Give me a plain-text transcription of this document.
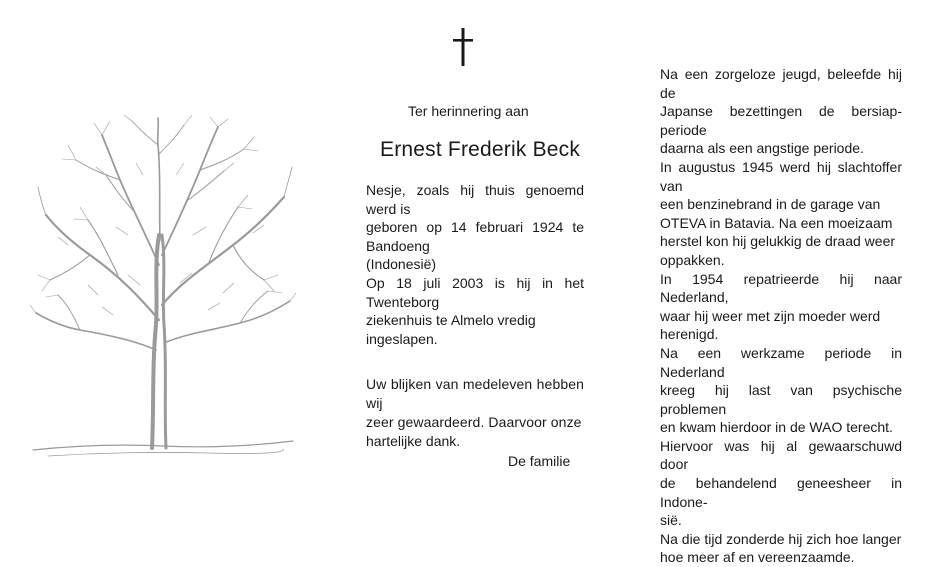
Ter herinnering aan
Ernest Frederik Beck

Nesje, zoals hij thuis genoemd werd is

geboren op 14 februari 1924 te Bandoeng

(Indonesië)

Op 18 juli 2003 is hij in het Twenteborg

ziekenhuis te Almelo vredig ingeslapen.

Uw blijken van medeleven hebben wij

zeer gewaardeerd. Daarvoor onze

hartelijke dank.

De familie

Na een zorgeloze jeugd, beleefde hij de

Japanse bezettingen de bersiap-periode

daarna als een angstige periode.

In augustus 1945 werd hij slachtoffer van

een benzinebrand in de garage van

OTEVA in Batavia. Na een moeizaam

herstel kon hij gelukkig de draad weer

oppakken.

In 1954 repatrieerde hij naar Nederland,

waar hij weer met zijn moeder werd

herenigd.

Na een werkzame periode in Nederland

kreeg hij last van psychische problemen

en kwam hierdoor in de WAO terecht.

Hiervoor was hij al gewaarschuwd door

de behandelend geneesheer in Indone-

sië.

Na die tijd zonderde hij zich hoe langer

hoe meer af en vereenzaamde.
